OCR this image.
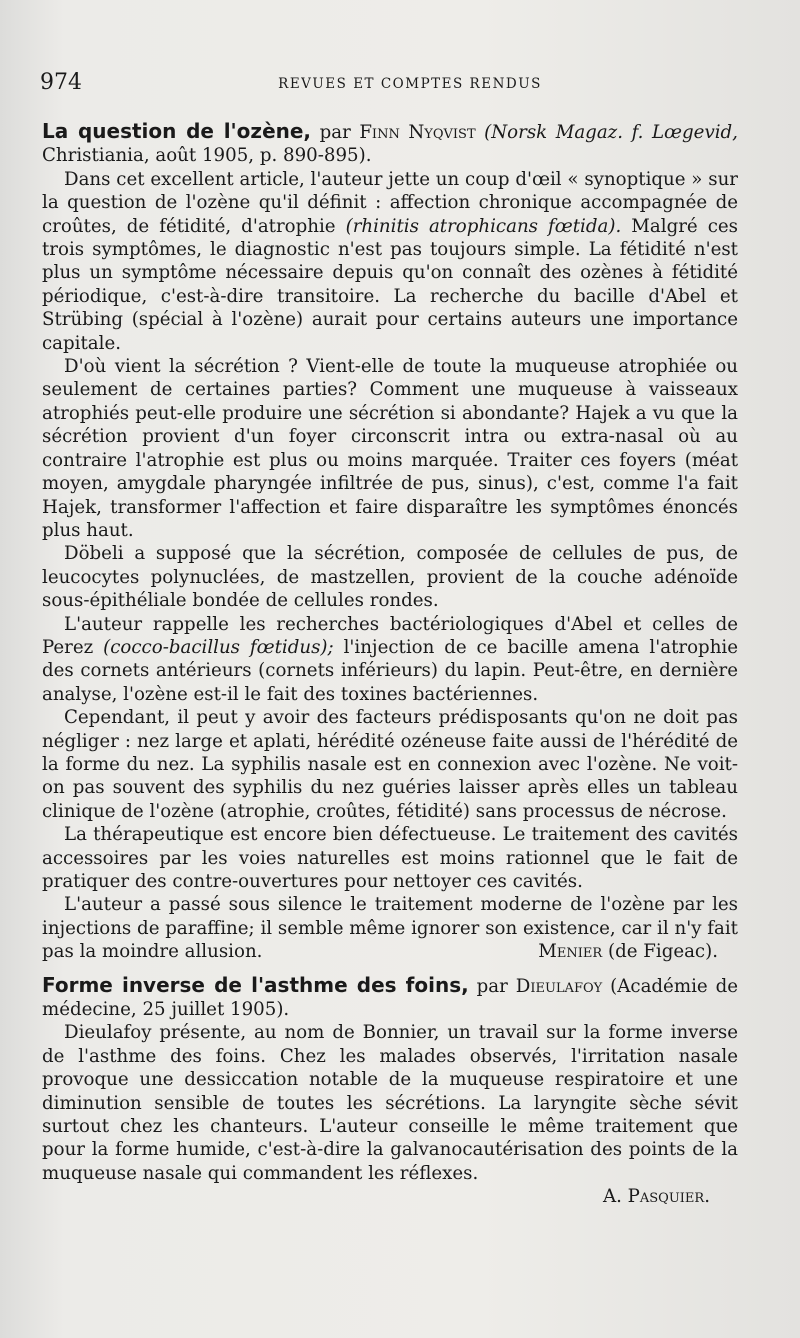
974	REVUES ET COMPTES RENDUS

La question de l'ozène, par Finn Nyqvist (Norsk Magaz. f. Lœgevid, Christiania, août 1905, p. 890-895).

Dans cet excellent article, l'auteur jette un coup d'œil « synoptique » sur la question de l'ozène qu'il définit : affection chronique accompagnée de croûtes, de fétidité, d'atrophie (rhinitis atrophicans fœtida). Malgré ces trois symptômes, le diagnostic n'est pas toujours simple. La fétidité n'est plus un symptôme nécessaire depuis qu'on connaît des ozènes à fétidité périodique, c'est-à-dire transitoire. La recherche du bacille d'Abel et Strübing (spécial à l'ozène) aurait pour certains auteurs une importance capitale.

D'où vient la sécrétion ? Vient-elle de toute la muqueuse atrophiée ou seulement de certaines parties? Comment une muqueuse à vaisseaux atrophiés peut-elle produire une sécrétion si abondante? Hajek a vu que la sécrétion provient d'un foyer circonscrit intra ou extra-nasal où au contraire l'atrophie est plus ou moins marquée. Traiter ces foyers (méat moyen, amygdale pharyngée infiltrée de pus, sinus), c'est, comme l'a fait Hajek, transformer l'affection et faire disparaître les symptômes énoncés plus haut.

Döbeli a supposé que la sécrétion, composée de cellules de pus, de leucocytes polynuclées, de mastzellen, provient de la couche adénoïde sous-épithéliale bondée de cellules rondes.

L'auteur rappelle les recherches bactériologiques d'Abel et celles de Perez (cocco-bacillus fœtidus); l'injection de ce bacille amena l'atrophie des cornets antérieurs (cornets inférieurs) du lapin. Peut-être, en dernière analyse, l'ozène est-il le fait des toxines bactériennes.

Cependant, il peut y avoir des facteurs prédisposants qu'on ne doit pas négliger : nez large et aplati, hérédité ozéneuse faite aussi de l'hérédité de la forme du nez. La syphilis nasale est en connexion avec l'ozène. Ne voit-on pas souvent des syphilis du nez guéries laisser après elles un tableau clinique de l'ozène (atrophie, croûtes, fétidité) sans processus de nécrose.

La thérapeutique est encore bien défectueuse. Le traitement des cavités accessoires par les voies naturelles est moins rationnel que le fait de pratiquer des contre-ouvertures pour nettoyer ces cavités.

L'auteur a passé sous silence le traitement moderne de l'ozène par les injections de paraffine; il semble même ignorer son existence, car il n'y fait pas la moindre allusion.	Menier (de Figeac).

Forme inverse de l'asthme des foins, par Dieulafoy (Académie de médecine, 25 juillet 1905).

Dieulafoy présente, au nom de Bonnier, un travail sur la forme inverse de l'asthme des foins. Chez les malades observés, l'irritation nasale provoque une dessiccation notable de la muqueuse respiratoire et une diminution sensible de toutes les sécrétions. La laryngite sèche sévit surtout chez les chanteurs. L'auteur conseille le même traitement que pour la forme humide, c'est-à-dire la galvanocautérisation des points de la muqueuse nasale qui commandent les réflexes.

A. Pasquier.
